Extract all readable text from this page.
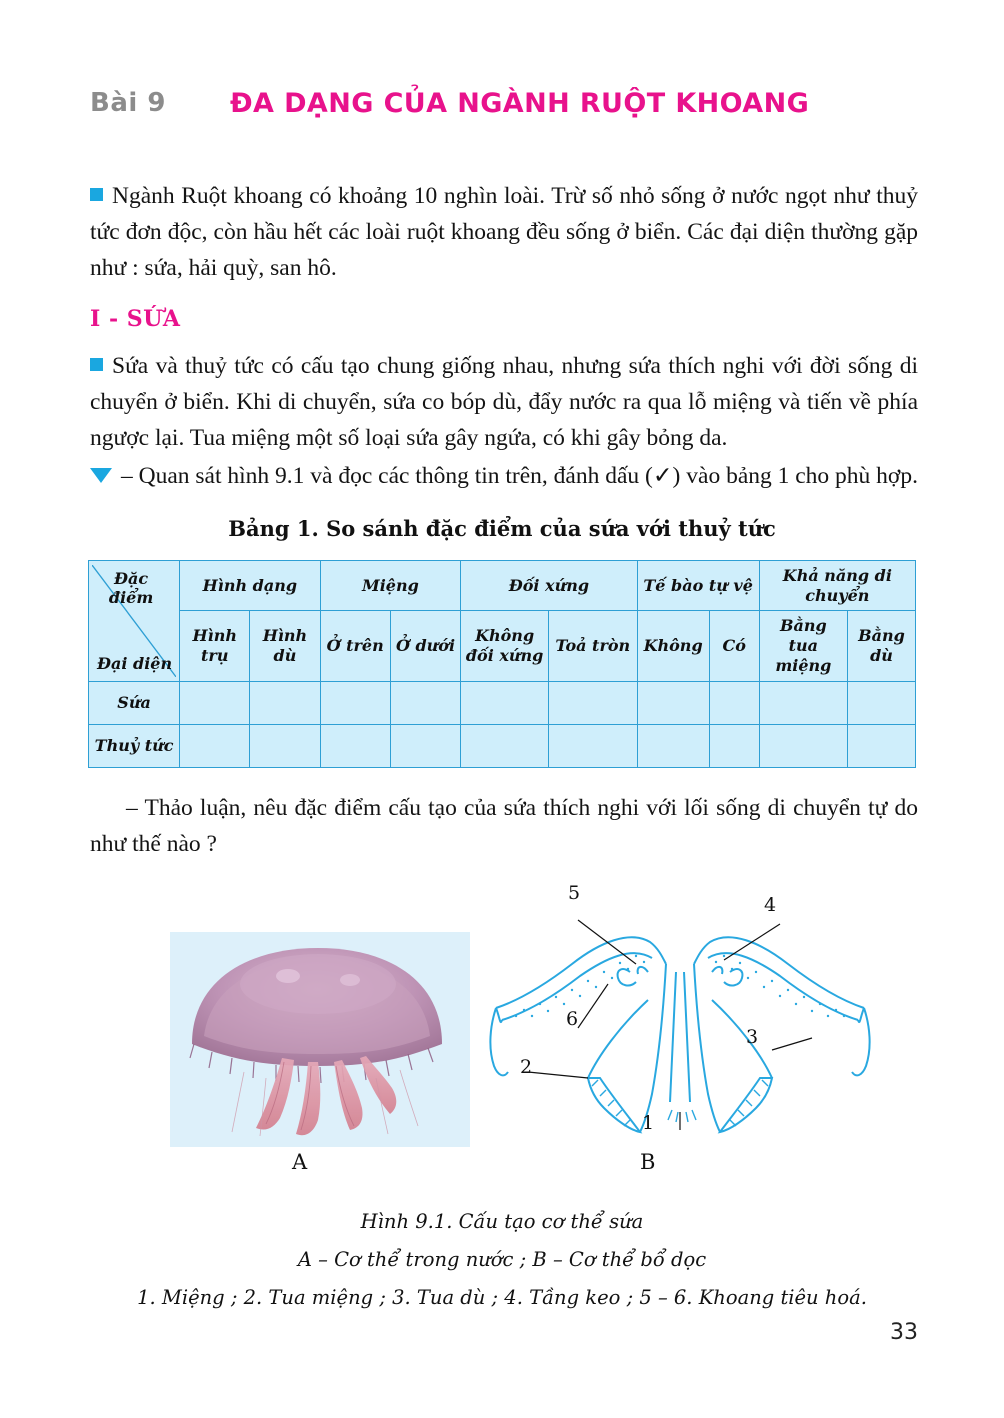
Bài 9 ĐA DẠNG CỦA NGÀNH RUỘT KHOANG
Ngành Ruột khoang có khoảng 10 nghìn loài. Trừ số nhỏ sống ở nước ngọt như thuỷ tức đơn độc, còn hầu hết các loài ruột khoang đều sống ở biển. Các đại diện thường gặp như : sứa, hải quỳ, san hô.
I - SỨA
Sứa và thuỷ tức có cấu tạo chung giống nhau, nhưng sứa thích nghi với đời sống di chuyển ở biển. Khi di chuyển, sứa co bóp dù, đẩy nước ra qua lỗ miệng và tiến về phía ngược lại. Tua miệng một số loại sứa gây ngứa, có khi gây bỏng da.
– Quan sát hình 9.1 và đọc các thông tin trên, đánh dấu (✓) vào bảng 1 cho phù hợp.
Bảng 1. So sánh đặc điểm của sứa với thuỷ tức
Đặc điểm
Đại diện	Hình dạng		Miệng		Đối xứng		Tế bào tự vệ		Khả năng di chuyển	
	Hình trụ	Hình dù	Ở trên	Ở dưới	Không đối xứng	Toả tròn	Không	Có	Bằng tua miệng	Bằng dù
Sứa										
Thuỷ tức										
– Thảo luận, nêu đặc điểm cấu tạo của sứa thích nghi với lối sống di chuyển tự do như thế nào ?
A
5
4
6
3
2
1
B
Hình 9.1. Cấu tạo cơ thể sứa
A – Cơ thể trong nước ; B – Cơ thể bổ dọc
1. Miệng ; 2. Tua miệng ; 3. Tua dù ; 4. Tầng keo ; 5 – 6. Khoang tiêu hoá.
33
